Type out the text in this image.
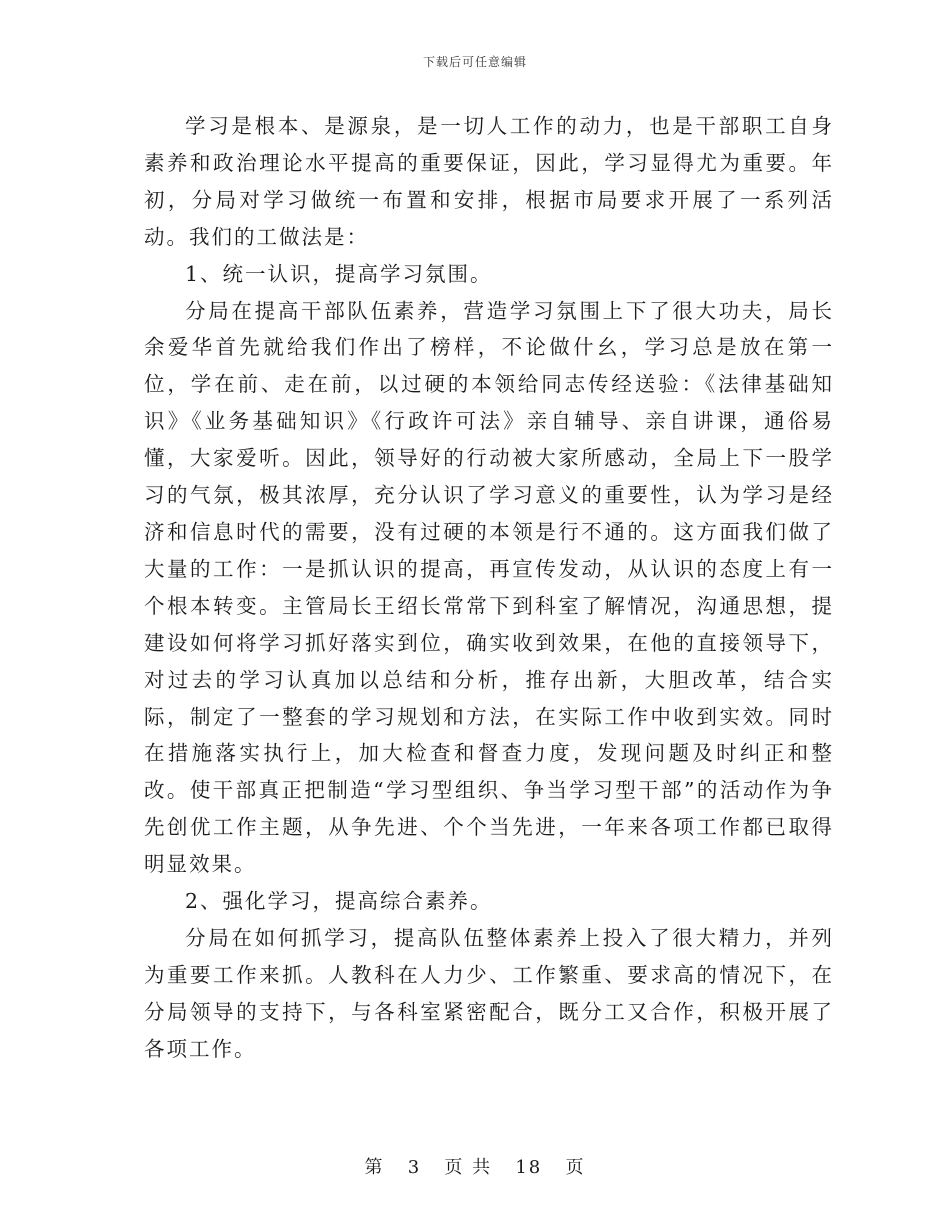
下载后可任意编辑

学习是根本、是源泉，是一切人工作的动力，也是干部职工自身素养和政治理论水平提高的重要保证，因此，学习显得尤为重要。年初，分局对学习做统一布置和安排，根据市局要求开展了一系列活动。我们的工做法是：

1、统一认识，提高学习氛围。

分局在提高干部队伍素养，营造学习氛围上下了很大功夫，局长余爱华首先就给我们作出了榜样，不论做什幺，学习总是放在第一位，学在前、走在前，以过硬的本领给同志传经送验：《法律基础知识》《业务基础知识》《行政许可法》亲自辅导、亲自讲课，通俗易懂，大家爱听。因此，领导好的行动被大家所感动，全局上下一股学习的气氛，极其浓厚，充分认识了学习意义的重要性，认为学习是经济和信息时代的需要，没有过硬的本领是行不通的。这方面我们做了大量的工作：一是抓认识的提高，再宣传发动，从认识的态度上有一个根本转变。主管局长王绍长常常下到科室了解情况，沟通思想，提建设如何将学习抓好落实到位，确实收到效果，在他的直接领导下，对过去的学习认真加以总结和分析，推存出新，大胆改革，结合实际，制定了一整套的学习规划和方法，在实际工作中收到实效。同时在措施落实执行上，加大检查和督查力度，发现问题及时纠正和整改。使干部真正把制造“学习型组织、争当学习型干部”的活动作为争先创优工作主题，从争先进、个个当先进，一年来各项工作都已取得明显效果。

2、强化学习，提高综合素养。

分局在如何抓学习，提高队伍整体素养上投入了很大精力，并列为重要工作来抓。人教科在人力少、工作繁重、要求高的情况下，在分局领导的支持下，与各科室紧密配合，既分工又合作，积极开展了各项工作。

第 3 页 共 18 页
